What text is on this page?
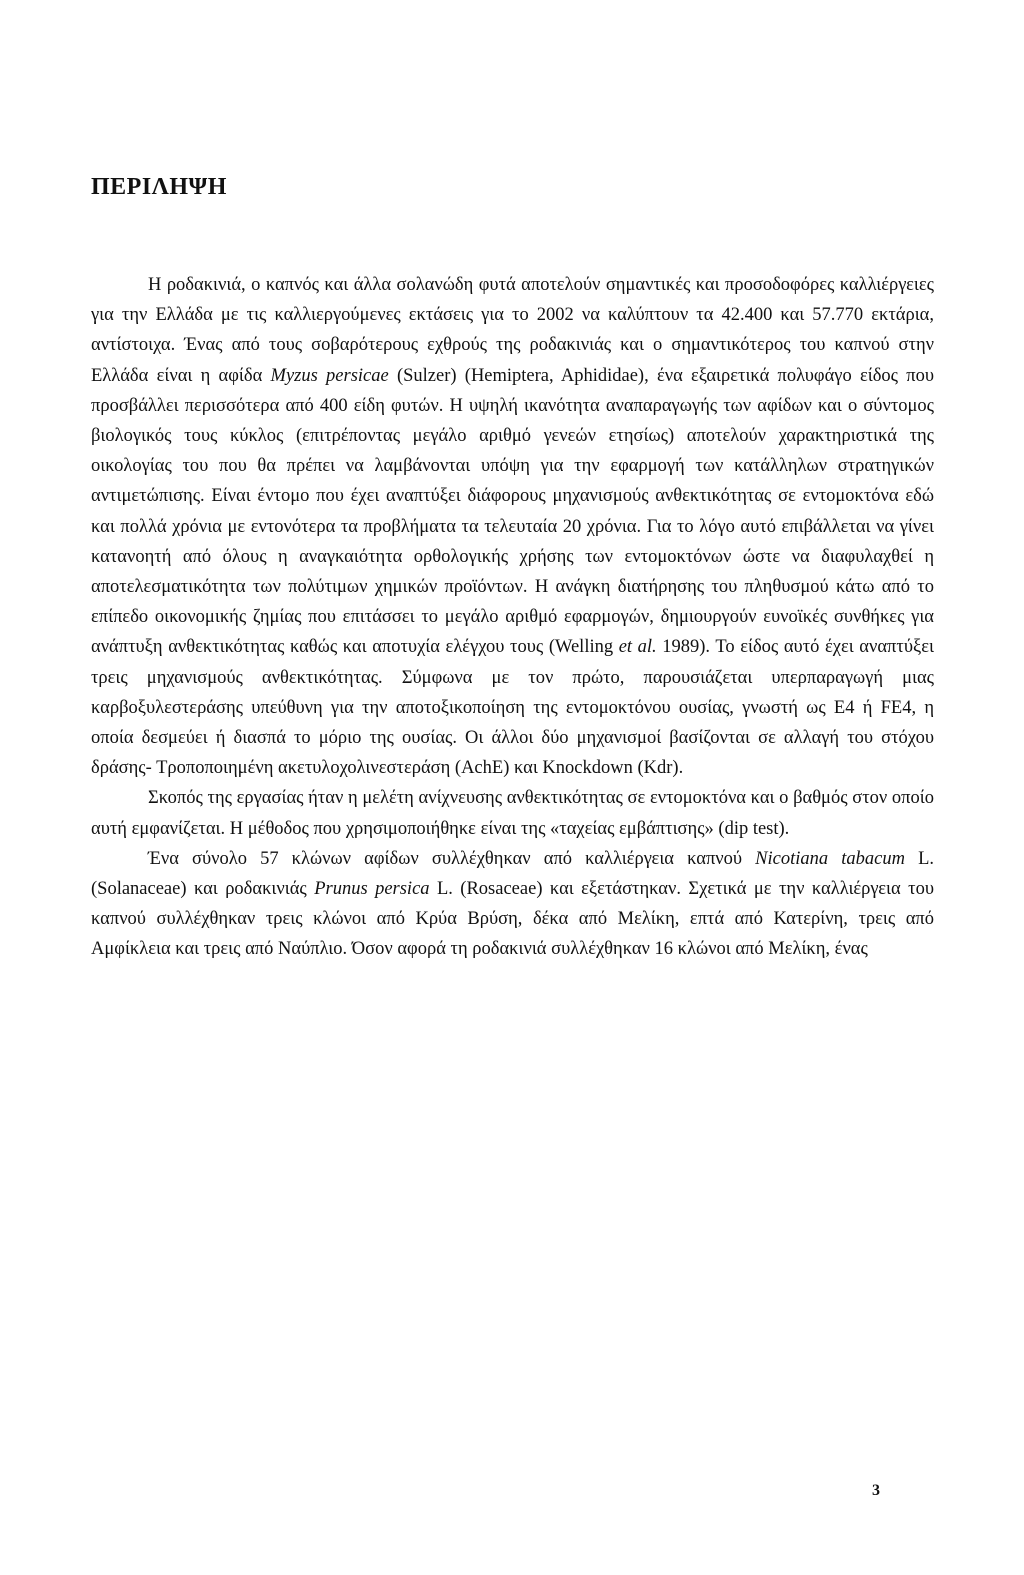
ΠΕΡΙΛΗΨΗ

Η ροδακινιά, ο καπνός και άλλα σολανώδη φυτά αποτελούν σημαντικές και προσοδοφόρες καλλιέργειες για την Ελλάδα με τις καλλιεργούμενες εκτάσεις για το 2002 να καλύπτουν τα 42.400 και 57.770 εκτάρια, αντίστοιχα. Ένας από τους σοβαρότερους εχθρούς της ροδακινιάς και ο σημαντικότερος του καπνού στην Ελλάδα είναι η αφίδα Myzus persicae (Sulzer) (Hemiptera, Aphididae), ένα εξαιρετικά πολυφάγο είδος που προσβάλλει περισσότερα από 400 είδη φυτών. Η υψηλή ικανότητα αναπαραγωγής των αφίδων και ο σύντομος βιολογικός τους κύκλος (επιτρέποντας μεγάλο αριθμό γενεών ετησίως) αποτελούν χαρακτηριστικά της οικολογίας του που θα πρέπει να λαμβάνονται υπόψη για την εφαρμογή των κατάλληλων στρατηγικών αντιμετώπισης. Είναι έντομο που έχει αναπτύξει διάφορους μηχανισμούς ανθεκτικότητας σε εντομοκτόνα εδώ και πολλά χρόνια με εντονότερα τα προβλήματα τα τελευταία 20 χρόνια. Για το λόγο αυτό επιβάλλεται να γίνει κατανοητή από όλους η αναγκαιότητα ορθολογικής χρήσης των εντομοκτόνων ώστε να διαφυλαχθεί η αποτελεσματικότητα των πολύτιμων χημικών προϊόντων. Η ανάγκη διατήρησης του πληθυσμού κάτω από το επίπεδο οικονομικής ζημίας που επιτάσσει το μεγάλο αριθμό εφαρμογών, δημιουργούν ευνοϊκές συνθήκες για ανάπτυξη ανθεκτικότητας καθώς και αποτυχία ελέγχου τους (Welling et al. 1989). Το είδος αυτό έχει αναπτύξει τρεις μηχανισμούς ανθεκτικότητας. Σύμφωνα με τον πρώτο, παρουσιάζεται υπερπαραγωγή μιας καρβοξυλεστεράσης υπεύθυνη για την αποτοξικοποίηση της εντομοκτόνου ουσίας, γνωστή ως E4 ή FE4, η οποία δεσμεύει ή διασπά το μόριο της ουσίας. Οι άλλοι δύο μηχανισμοί βασίζονται σε αλλαγή του στόχου δράσης- Τροποποιημένη ακετυλοχολινεστεράση (AchE) και Knockdown (Kdr).

Σκοπός της εργασίας ήταν η μελέτη ανίχνευσης ανθεκτικότητας σε εντομοκτόνα και ο βαθμός στον οποίο αυτή εμφανίζεται. Η μέθοδος που χρησιμοποιήθηκε είναι της «ταχείας εμβάπτισης» (dip test).

Ένα σύνολο 57 κλώνων αφίδων συλλέχθηκαν από καλλιέργεια καπνού Nicotiana tabacum L. (Solanaceae) και ροδακινιάς Prunus persica L. (Rosaceae) και εξετάστηκαν. Σχετικά με την καλλιέργεια του καπνού συλλέχθηκαν τρεις κλώνοι από Κρύα Βρύση, δέκα από Μελίκη, επτά από Κατερίνη, τρεις από Αμφίκλεια και τρεις από Ναύπλιο. Όσον αφορά τη ροδακινιά συλλέχθηκαν 16 κλώνοι από Μελίκη, ένας

3
